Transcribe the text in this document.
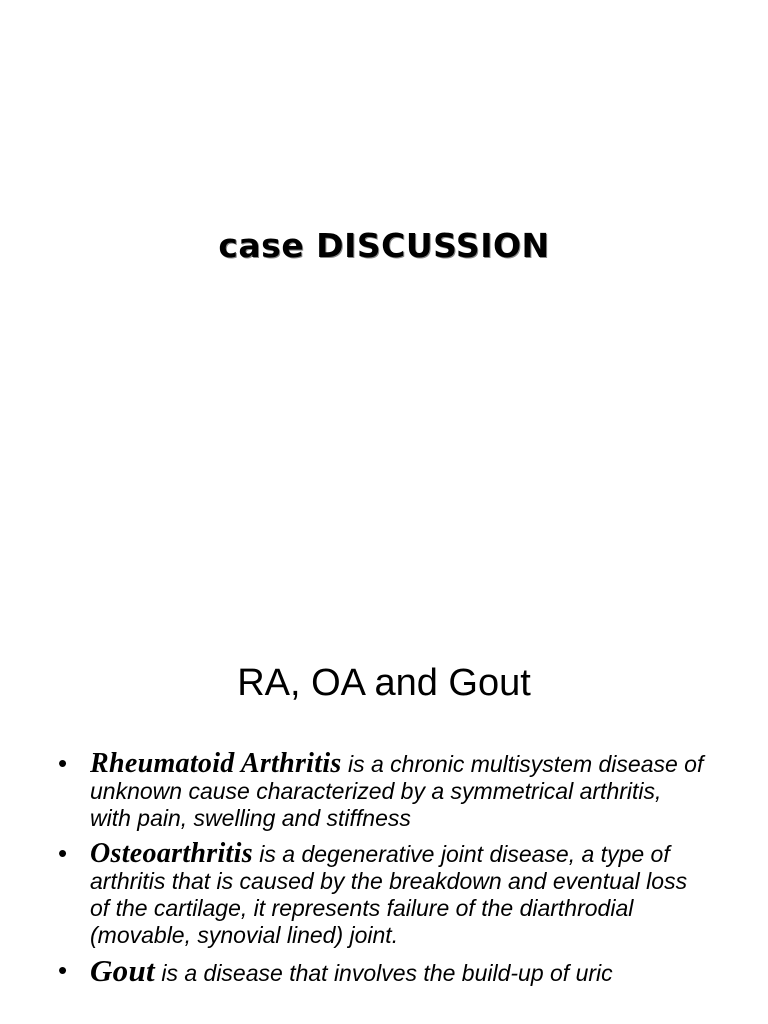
case DISCUSSION
RA, OA and Gout
• Rheumatoid Arthritis is a chronic multisystem disease of unknown cause characterized by a symmetrical arthritis, with pain, swelling and stiffness
• Osteoarthritis is a degenerative joint disease, a type of arthritis that is caused by the breakdown and eventual loss of the cartilage, it represents failure of the diarthrodial (movable, synovial lined) joint.
• Gout is a disease that involves the build-up of uric
